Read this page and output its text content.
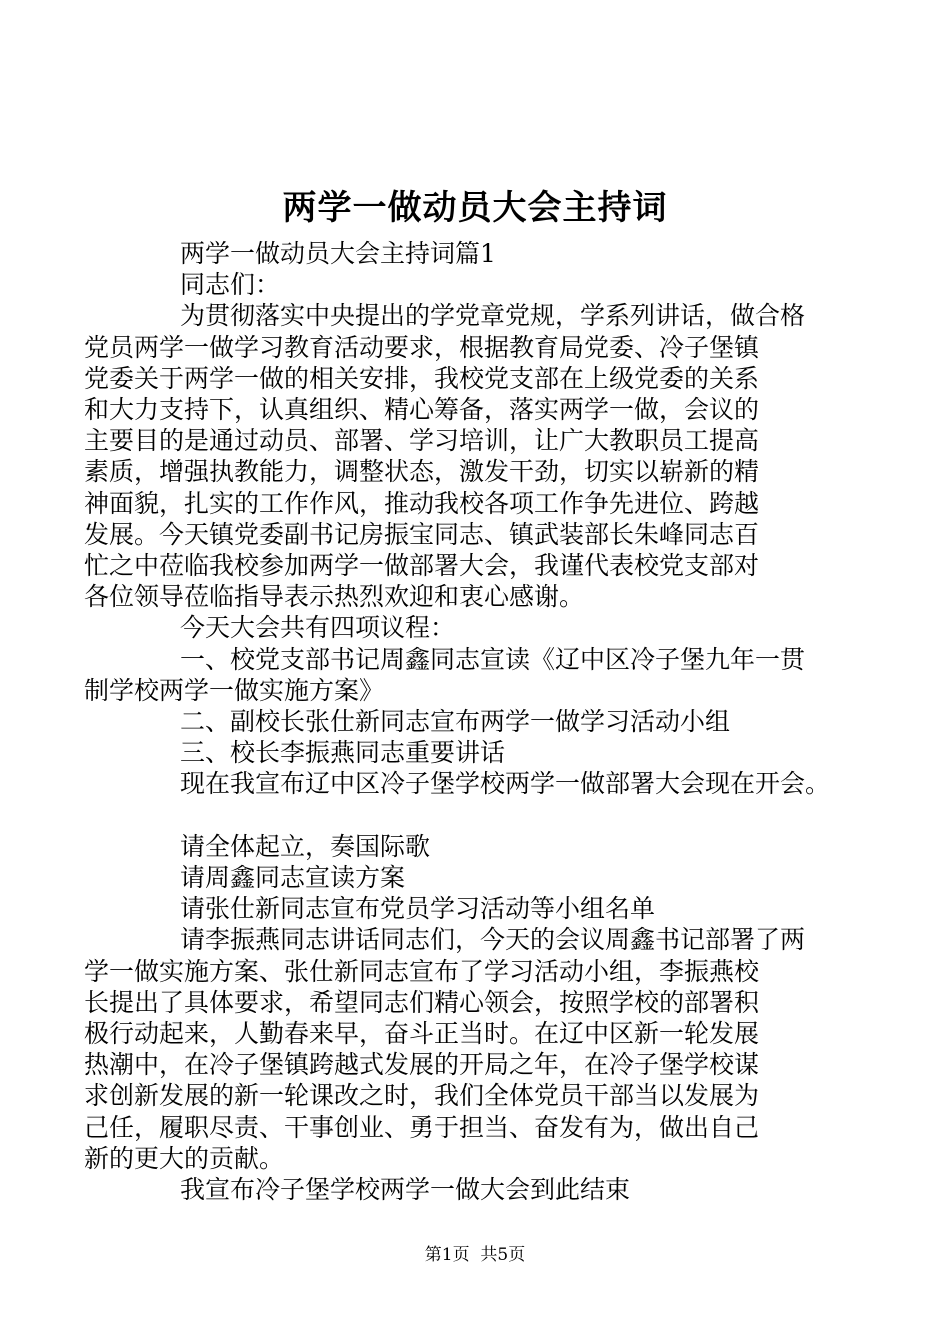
两学一做动员大会主持词
两学一做动员大会主持词篇1
同志们：
为贯彻落实中央提出的学党章党规，学系列讲话，做合格
党员两学一做学习教育活动要求，根据教育局党委、冷子堡镇
党委关于两学一做的相关安排，我校党支部在上级党委的关系
和大力支持下，认真组织、精心筹备，落实两学一做，会议的
主要目的是通过动员、部署、学习培训，让广大教职员工提高
素质，增强执教能力，调整状态，激发干劲，切实以崭新的精
神面貌，扎实的工作作风，推动我校各项工作争先进位、跨越
发展。今天镇党委副书记房振宝同志、镇武装部长朱峰同志百
忙之中莅临我校参加两学一做部署大会，我谨代表校党支部对
各位领导莅临指导表示热烈欢迎和衷心感谢。
今天大会共有四项议程：
一、校党支部书记周鑫同志宣读《辽中区冷子堡九年一贯
制学校两学一做实施方案》
二、副校长张仕新同志宣布两学一做学习活动小组
三、校长李振燕同志重要讲话
现在我宣布辽中区冷子堡学校两学一做部署大会现在开会。
请全体起立，奏国际歌
请周鑫同志宣读方案
请张仕新同志宣布党员学习活动等小组名单
请李振燕同志讲话同志们，今天的会议周鑫书记部署了两
学一做实施方案、张仕新同志宣布了学习活动小组，李振燕校
长提出了具体要求，希望同志们精心领会，按照学校的部署积
极行动起来，人勤春来早，奋斗正当时。在辽中区新一轮发展
热潮中，在冷子堡镇跨越式发展的开局之年，在冷子堡学校谋
求创新发展的新一轮课改之时，我们全体党员干部当以发展为
己任，履职尽责、干事创业、勇于担当、奋发有为，做出自己
新的更大的贡献。
我宣布冷子堡学校两学一做大会到此结束
第1页 共5页
